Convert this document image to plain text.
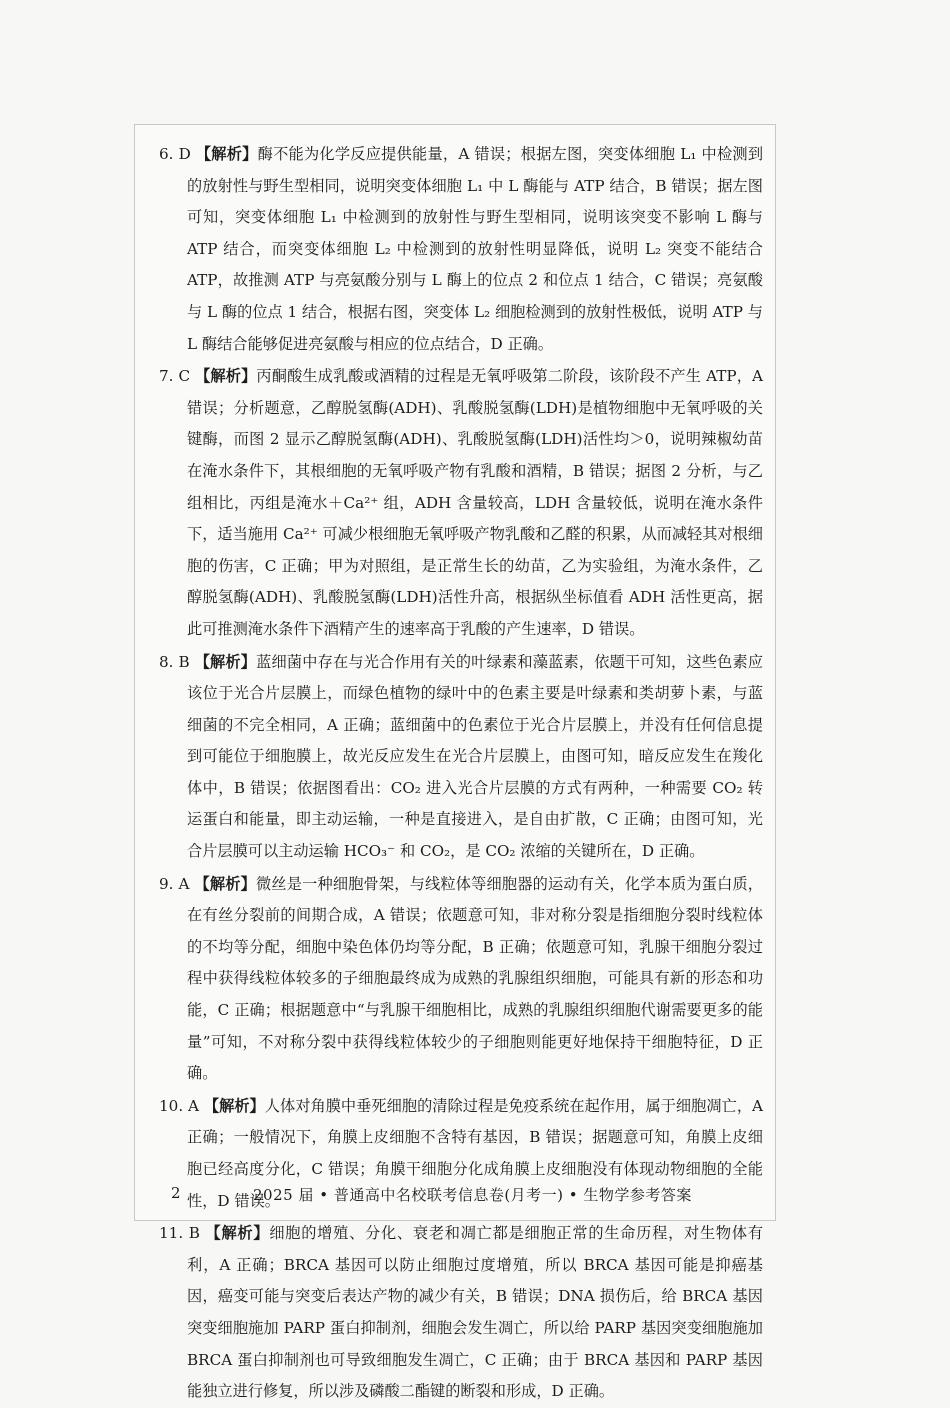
6. D 【解析】酶不能为化学反应提供能量，A 错误；根据左图，突变体细胞 L₁ 中检测到的放射性与野生型相同，说明突变体细胞 L₁ 中 L 酶能与 ATP 结合，B 错误；据左图可知，突变体细胞 L₁ 中检测到的放射性与野生型相同，说明该突变不影响 L 酶与 ATP 结合，而突变体细胞 L₂ 中检测到的放射性明显降低，说明 L₂ 突变不能结合 ATP，故推测 ATP 与亮氨酸分别与 L 酶上的位点 2 和位点 1 结合，C 错误；亮氨酸与 L 酶的位点 1 结合，根据右图，突变体 L₂ 细胞检测到的放射性极低，说明 ATP 与 L 酶结合能够促进亮氨酸与相应的位点结合，D 正确。

7. C 【解析】丙酮酸生成乳酸或酒精的过程是无氧呼吸第二阶段，该阶段不产生 ATP，A 错误；分析题意，乙醇脱氢酶(ADH)、乳酸脱氢酶(LDH)是植物细胞中无氧呼吸的关键酶，而图 2 显示乙醇脱氢酶(ADH)、乳酸脱氢酶(LDH)活性均＞0，说明辣椒幼苗在淹水条件下，其根细胞的无氧呼吸产物有乳酸和酒精，B 错误；据图 2 分析，与乙组相比，丙组是淹水＋Ca²⁺ 组，ADH 含量较高，LDH 含量较低，说明在淹水条件下，适当施用 Ca²⁺ 可减少根细胞无氧呼吸产物乳酸和乙醛的积累，从而减轻其对根细胞的伤害，C 正确；甲为对照组，是正常生长的幼苗，乙为实验组，为淹水条件，乙醇脱氢酶(ADH)、乳酸脱氢酶(LDH)活性升高，根据纵坐标值看 ADH 活性更高，据此可推测淹水条件下酒精产生的速率高于乳酸的产生速率，D 错误。

8. B 【解析】蓝细菌中存在与光合作用有关的叶绿素和藻蓝素，依题干可知，这些色素应该位于光合片层膜上，而绿色植物的绿叶中的色素主要是叶绿素和类胡萝卜素，与蓝细菌的不完全相同，A 正确；蓝细菌中的色素位于光合片层膜上，并没有任何信息提到可能位于细胞膜上，故光反应发生在光合片层膜上，由图可知，暗反应发生在羧化体中，B 错误；依据图看出：CO₂ 进入光合片层膜的方式有两种，一种需要 CO₂ 转运蛋白和能量，即主动运输，一种是直接进入，是自由扩散，C 正确；由图可知，光合片层膜可以主动运输 HCO₃⁻ 和 CO₂，是 CO₂ 浓缩的关键所在，D 正确。

9. A 【解析】微丝是一种细胞骨架，与线粒体等细胞器的运动有关，化学本质为蛋白质，在有丝分裂前的间期合成，A 错误；依题意可知，非对称分裂是指细胞分裂时线粒体的不均等分配，细胞中染色体仍均等分配，B 正确；依题意可知，乳腺干细胞分裂过程中获得线粒体较多的子细胞最终成为成熟的乳腺组织细胞，可能具有新的形态和功能，C 正确；根据题意中“与乳腺干细胞相比，成熟的乳腺组织细胞代谢需要更多的能量”可知，不对称分裂中获得线粒体较少的子细胞则能更好地保持干细胞特征，D 正确。

10. A 【解析】人体对角膜中垂死细胞的清除过程是免疫系统在起作用，属于细胞凋亡，A 正确；一般情况下，角膜上皮细胞不含特有基因，B 错误；据题意可知，角膜上皮细胞已经高度分化，C 错误；角膜干细胞分化成角膜上皮细胞没有体现动物细胞的全能性，D 错误。

11. B 【解析】细胞的增殖、分化、衰老和凋亡都是细胞正常的生命历程，对生物体有利，A 正确；BRCA 基因可以防止细胞过度增殖，所以 BRCA 基因可能是抑癌基因，癌变可能与突变后表达产物的减少有关，B 错误；DNA 损伤后，给 BRCA 基因突变细胞施加 PARP 蛋白抑制剂，细胞会发生凋亡，所以给 PARP 基因突变细胞施加 BRCA 蛋白抑制剂也可导致细胞发生凋亡，C 正确；由于 BRCA 基因和 PARP 基因能独立进行修复，所以涉及磷酸二酯键的断裂和形成，D 正确。

2	2025 届 • 普通高中名校联考信息卷(月考一) • 生物学参考答案
